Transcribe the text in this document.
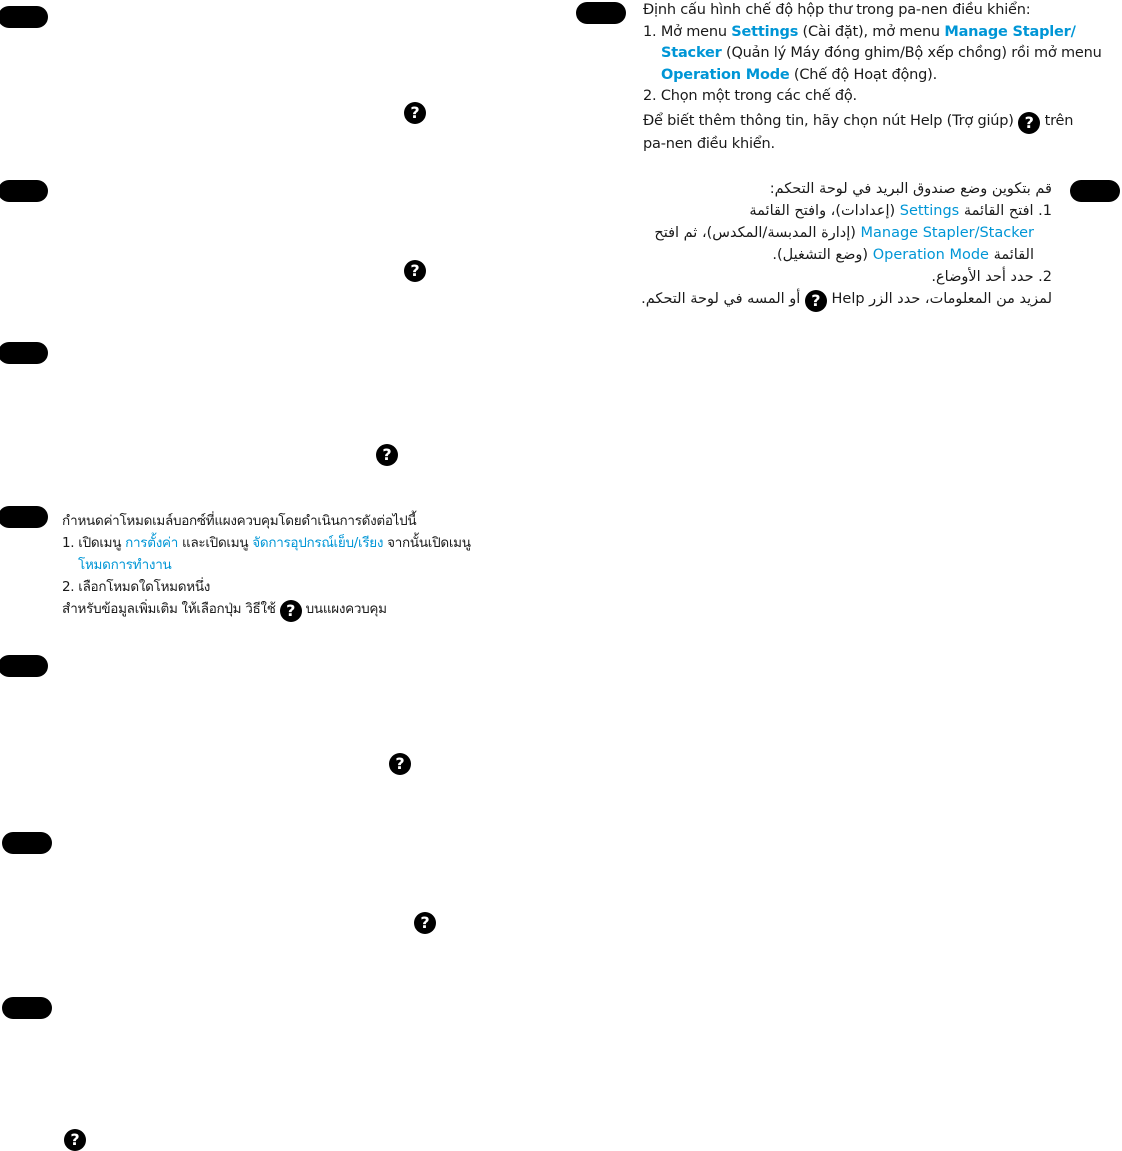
?
?
?
?
?
?

Định cấu hình chế độ hộp thư trong pa-nen điều khiển:

1. Mở menu Settings (Cài đặt), mở menu Manage Stapler/

Stacker (Quản lý Máy đóng ghim/Bộ xếp chồng) rồi mở menu

Operation Mode (Chế độ Hoạt động).

2. Chọn một trong các chế độ.

Để biết thêm thông tin, hãy chọn nút Help (Trợ giúp) ? trên

pa-nen điều khiển.

قم بتكوين وضع صندوق البريد في لوحة التحكم:

1. افتح القائمة Settings (إعدادات)، وافتح القائمة

Manage Stapler/Stacker (إدارة المدبسة/المكدس)، ثم افتح

القائمة Operation Mode (وضع التشغيل).

2. حدد أحد الأوضاع.

لمزيد من المعلومات، حدد الزر Help ? أو المسه في لوحة التحكم.

กำหนดค่าโหมดเมล์บอกซ์ที่แผงควบคุมโดยดำเนินการดังต่อไปนี้

1. เปิดเมนู การตั้งค่า และเปิดเมนู จัดการอุปกรณ์เย็บ/เรียง จากนั้นเปิดเมนู

โหมดการทำงาน

2. เลือกโหมดใดโหมดหนึ่ง

สำหรับข้อมูลเพิ่มเติม ให้เลือกปุ่ม วิธีใช้ ? บนแผงควบคุม
